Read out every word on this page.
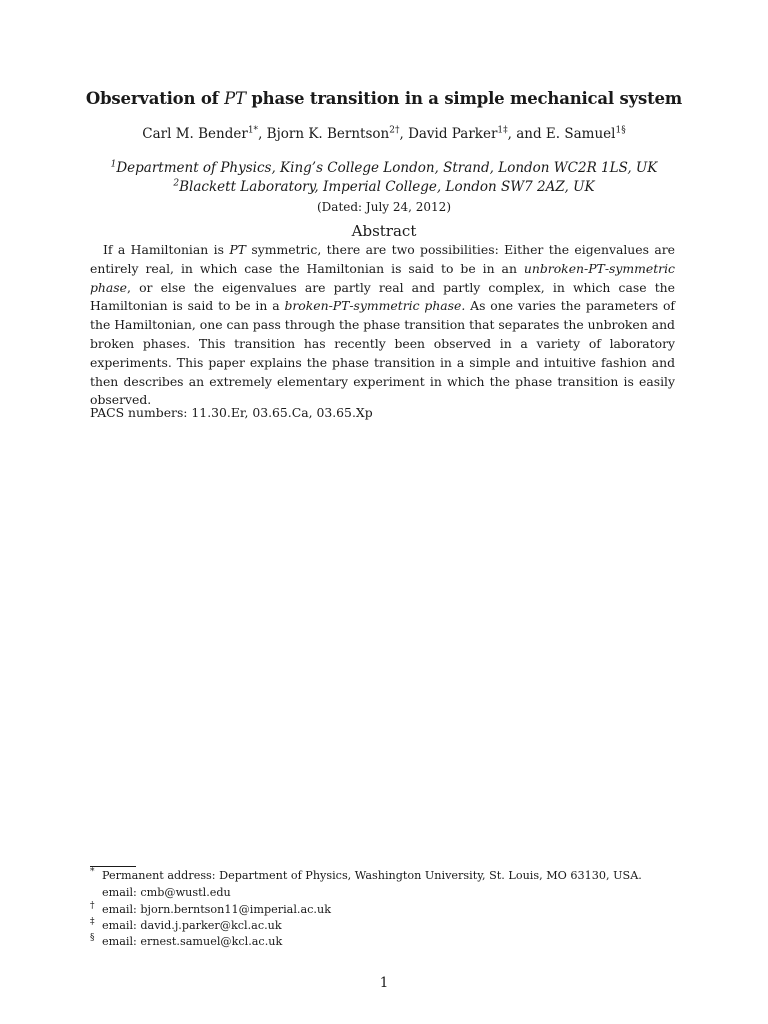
Observation of PT phase transition in a simple mechanical system
Carl M. Bender$^{1*}$, Bjorn K. Berntson$^{2\dagger}$, David Parker$^{1\ddagger}$, and E. Samuel$^{1\S}$
$^1$Department of Physics, King’s College London, Strand, London WC2R 1LS, UK
$^2$Blackett Laboratory, Imperial College, London SW7 2AZ, UK
(Dated: July 24, 2012)
Abstract
If a Hamiltonian is PT symmetric, there are two possibilities: Either the eigenvalues are entirely real, in which case the Hamiltonian is said to be in an unbroken-PT-symmetric phase, or else the eigenvalues are partly real and partly complex, in which case the Hamiltonian is said to be in a broken-PT-symmetric phase. As one varies the parameters of the Hamiltonian, one can pass through the phase transition that separates the unbroken and broken phases. This transition has recently been observed in a variety of laboratory experiments. This paper explains the phase transition in a simple and intuitive fashion and then describes an extremely elementary experiment in which the phase transition is easily observed.
PACS numbers: 11.30.Er, 03.65.Ca, 03.65.Xp
* Permanent address: Department of Physics, Washington University, St. Louis, MO 63130, USA.
email: cmb@wustl.edu
† email: bjorn.berntson11@imperial.ac.uk
‡ email: david.j.parker@kcl.ac.uk
§ email: ernest.samuel@kcl.ac.uk
1
